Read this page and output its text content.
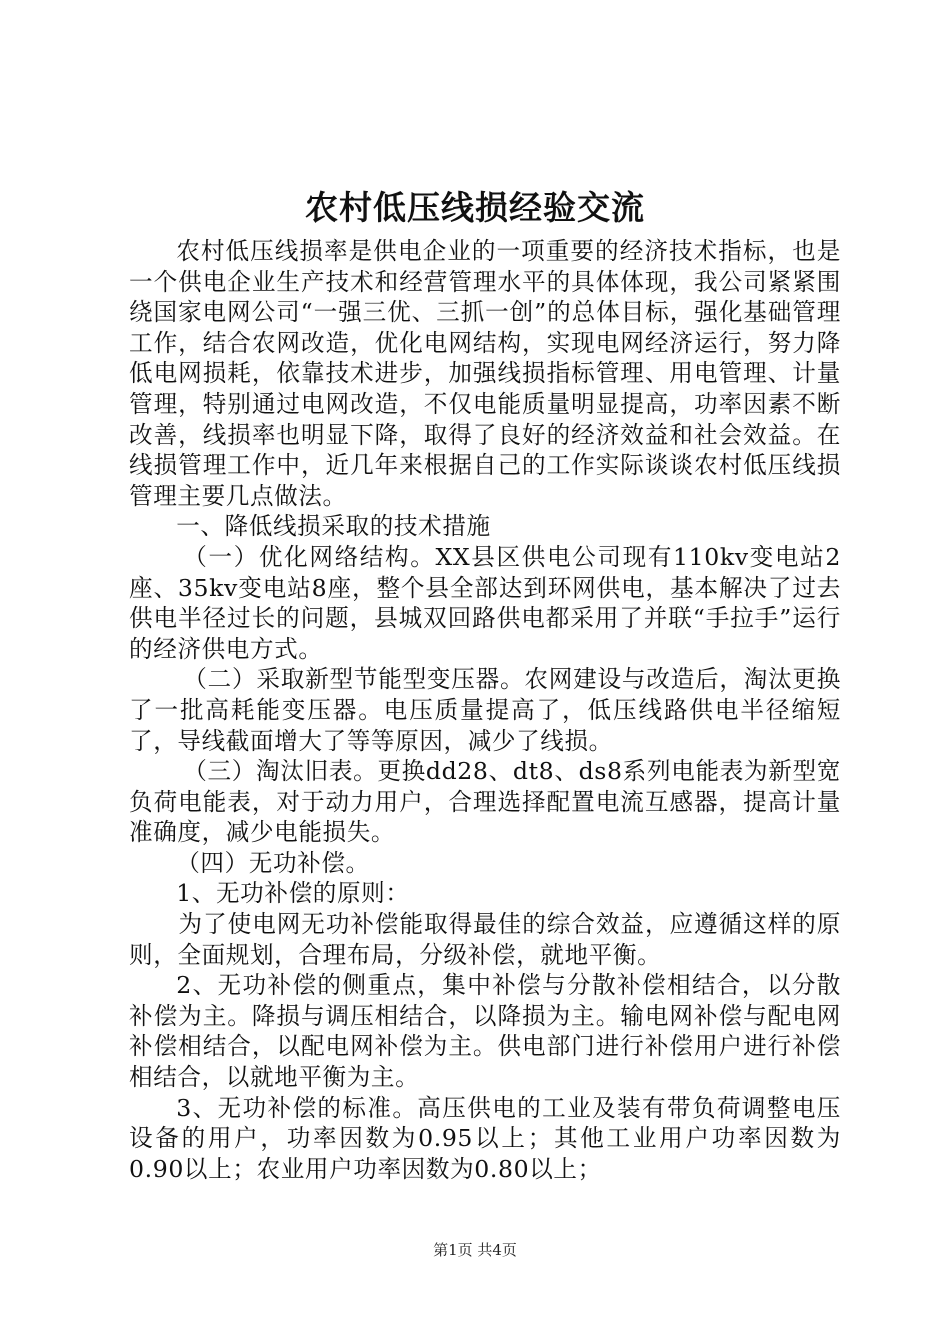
农村低压线损经验交流

农村低压线损率是供电企业的一项重要的经济技术指标，也是一个供电企业生产技术和经营管理水平的具体体现，我公司紧紧围绕国家电网公司“一强三优、三抓一创”的总体目标，强化基础管理工作，结合农网改造，优化电网结构，实现电网经济运行，努力降低电网损耗，依靠技术进步，加强线损指标管理、用电管理、计量管理，特别通过电网改造，不仅电能质量明显提高，功率因素不断改善，线损率也明显下降，取得了良好的经济效益和社会效益。在线损管理工作中，近几年来根据自己的工作实际谈谈农村低压线损管理主要几点做法。

一、降低线损采取的技术措施

（一）优化网络结构。XX县区供电公司现有110kv变电站2座、35kv变电站8座，整个县全部达到环网供电，基本解决了过去供电半径过长的问题，县城双回路供电都采用了并联“手拉手”运行的经济供电方式。

（二）采取新型节能型变压器。农网建设与改造后，淘汰更换了一批高耗能变压器。电压质量提高了，低压线路供电半径缩短了，导线截面增大了等等原因，减少了线损。

（三）淘汰旧表。更换dd28、dt8、ds8系列电能表为新型宽负荷电能表，对于动力用户，合理选择配置电流互感器，提高计量准确度，减少电能损失。

（四）无功补偿。

1、无功补偿的原则：

为了使电网无功补偿能取得最佳的综合效益，应遵循这样的原则，全面规划，合理布局，分级补偿，就地平衡。

2、无功补偿的侧重点，集中补偿与分散补偿相结合，以分散补偿为主。降损与调压相结合，以降损为主。输电网补偿与配电网补偿相结合，以配电网补偿为主。供电部门进行补偿用户进行补偿相结合，以就地平衡为主。

3、无功补偿的标准。高压供电的工业及装有带负荷调整电压设备的用户，功率因数为0.95以上；其他工业用户功率因数为0.90以上；农业用户功率因数为0.80以上；

第1页 共4页
